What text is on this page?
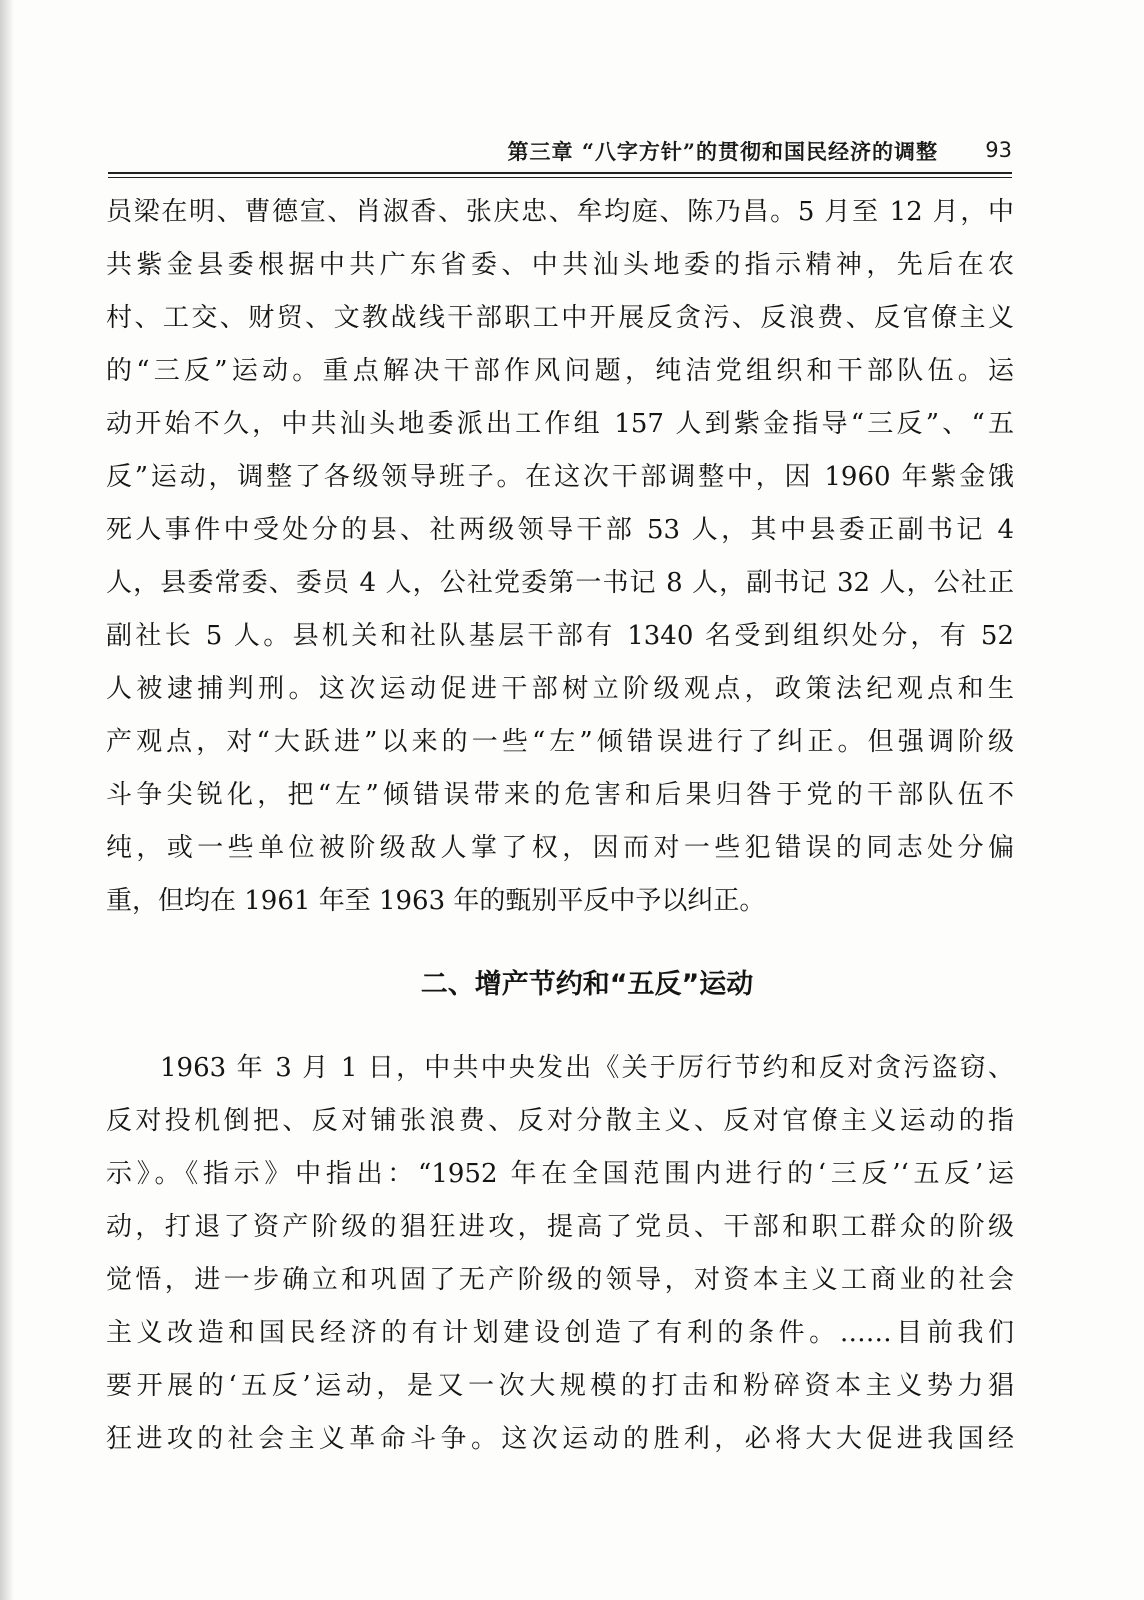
第三章 “八字方针”的贯彻和国民经济的调整 93
员梁在明、曹德宣、肖淑香、张庆忠、牟均庭、陈乃昌。5 月至 12 月，中
共紫金县委根据中共广东省委、中共汕头地委的指示精神，先后在农
村、工交、财贸、文教战线干部职工中开展反贪污、反浪费、反官僚主义
的“三反”运动。重点解决干部作风问题，纯洁党组织和干部队伍。运
动开始不久，中共汕头地委派出工作组 157 人到紫金指导“三反”、“五
反”运动，调整了各级领导班子。在这次干部调整中，因 1960 年紫金饿
死人事件中受处分的县、社两级领导干部 53 人，其中县委正副书记 4
人，县委常委、委员 4 人，公社党委第一书记 8 人，副书记 32 人，公社正
副社长 5 人。县机关和社队基层干部有 1340 名受到组织处分，有 52
人被逮捕判刑。这次运动促进干部树立阶级观点，政策法纪观点和生
产观点，对“大跃进”以来的一些“左”倾错误进行了纠正。但强调阶级
斗争尖锐化，把“左”倾错误带来的危害和后果归咎于党的干部队伍不
纯，或一些单位被阶级敌人掌了权，因而对一些犯错误的同志处分偏
重，但均在 1961 年至 1963 年的甄别平反中予以纠正。
二、增产节约和“五反”运动
1963 年 3 月 1 日，中共中央发出《关于厉行节约和反对贪污盗窃、
反对投机倒把、反对铺张浪费、反对分散主义、反对官僚主义运动的指
示》。《指示》中指出：“1952 年在全国范围内进行的‘三反’‘五反’运
动，打退了资产阶级的猖狂进攻，提高了党员、干部和职工群众的阶级
觉悟，进一步确立和巩固了无产阶级的领导，对资本主义工商业的社会
主义改造和国民经济的有计划建设创造了有利的条件。……目前我们
要开展的‘五反’运动，是又一次大规模的打击和粉碎资本主义势力猖
狂进攻的社会主义革命斗争。这次运动的胜利，必将大大促进我国经
